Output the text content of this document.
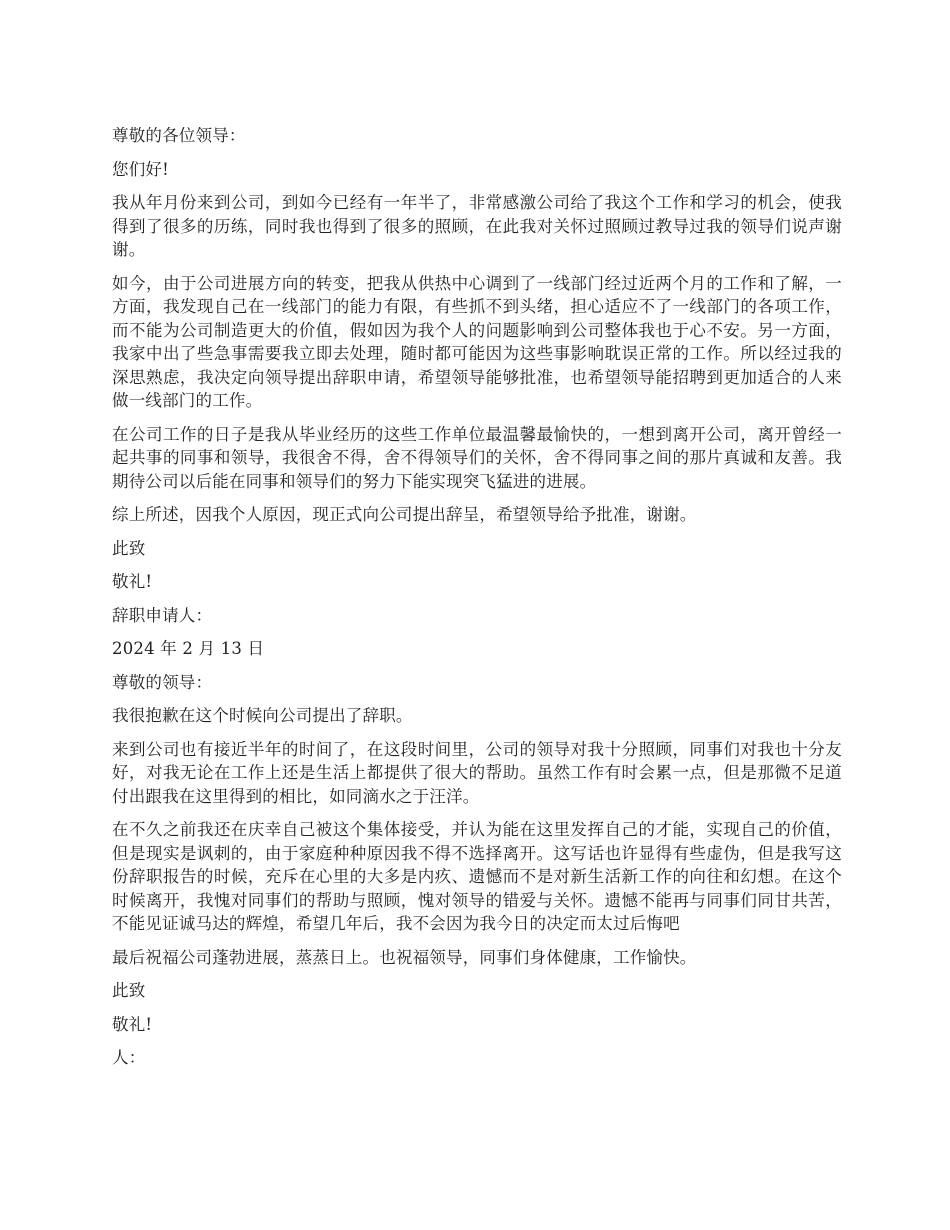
尊敬的各位领导：

您们好!

我从年月份来到公司，到如今已经有一年半了，非常感激公司给了我这个工作和学习的机会，使我得到了很多的历练，同时我也得到了很多的照顾，在此我对关怀过照顾过教导过我的领导们说声谢谢。

如今，由于公司进展方向的转变，把我从供热中心调到了一线部门经过近两个月的工作和了解，一方面，我发现自己在一线部门的能力有限，有些抓不到头绪，担心适应不了一线部门的各项工作，而不能为公司制造更大的价值，假如因为我个人的问题影响到公司整体我也于心不安。另一方面，我家中出了些急事需要我立即去处理，随时都可能因为这些事影响耽误正常的工作。所以经过我的深思熟虑，我决定向领导提出辞职申请，希望领导能够批准，也希望领导能招聘到更加适合的人来做一线部门的工作。

在公司工作的日子是我从毕业经历的这些工作单位最温馨最愉快的，一想到离开公司，离开曾经一起共事的同事和领导，我很舍不得，舍不得领导们的关怀，舍不得同事之间的那片真诚和友善。我期待公司以后能在同事和领导们的努力下能实现突飞猛进的进展。

综上所述，因我个人原因，现正式向公司提出辞呈，希望领导给予批准，谢谢。

此致

敬礼!

辞职申请人：

2024 年 2 月 13 日

尊敬的领导：

我很抱歉在这个时候向公司提出了辞职。

来到公司也有接近半年的时间了，在这段时间里，公司的领导对我十分照顾，同事们对我也十分友好，对我无论在工作上还是生活上都提供了很大的帮助。虽然工作有时会累一点，但是那微不足道付出跟我在这里得到的相比，如同滴水之于汪洋。

在不久之前我还在庆幸自己被这个集体接受，并认为能在这里发挥自己的才能，实现自己的价值，但是现实是讽刺的，由于家庭种种原因我不得不选择离开。这写话也许显得有些虚伪，但是我写这份辞职报告的时候，充斥在心里的大多是内疚、遗憾而不是对新生活新工作的向往和幻想。在这个时候离开，我愧对同事们的帮助与照顾，愧对领导的错爱与关怀。遗憾不能再与同事们同甘共苦，不能见证诚马达的辉煌，希望几年后，我不会因为我今日的决定而太过后悔吧

最后祝福公司蓬勃进展，蒸蒸日上。也祝福领导，同事们身体健康，工作愉快。

此致

敬礼!

人：
